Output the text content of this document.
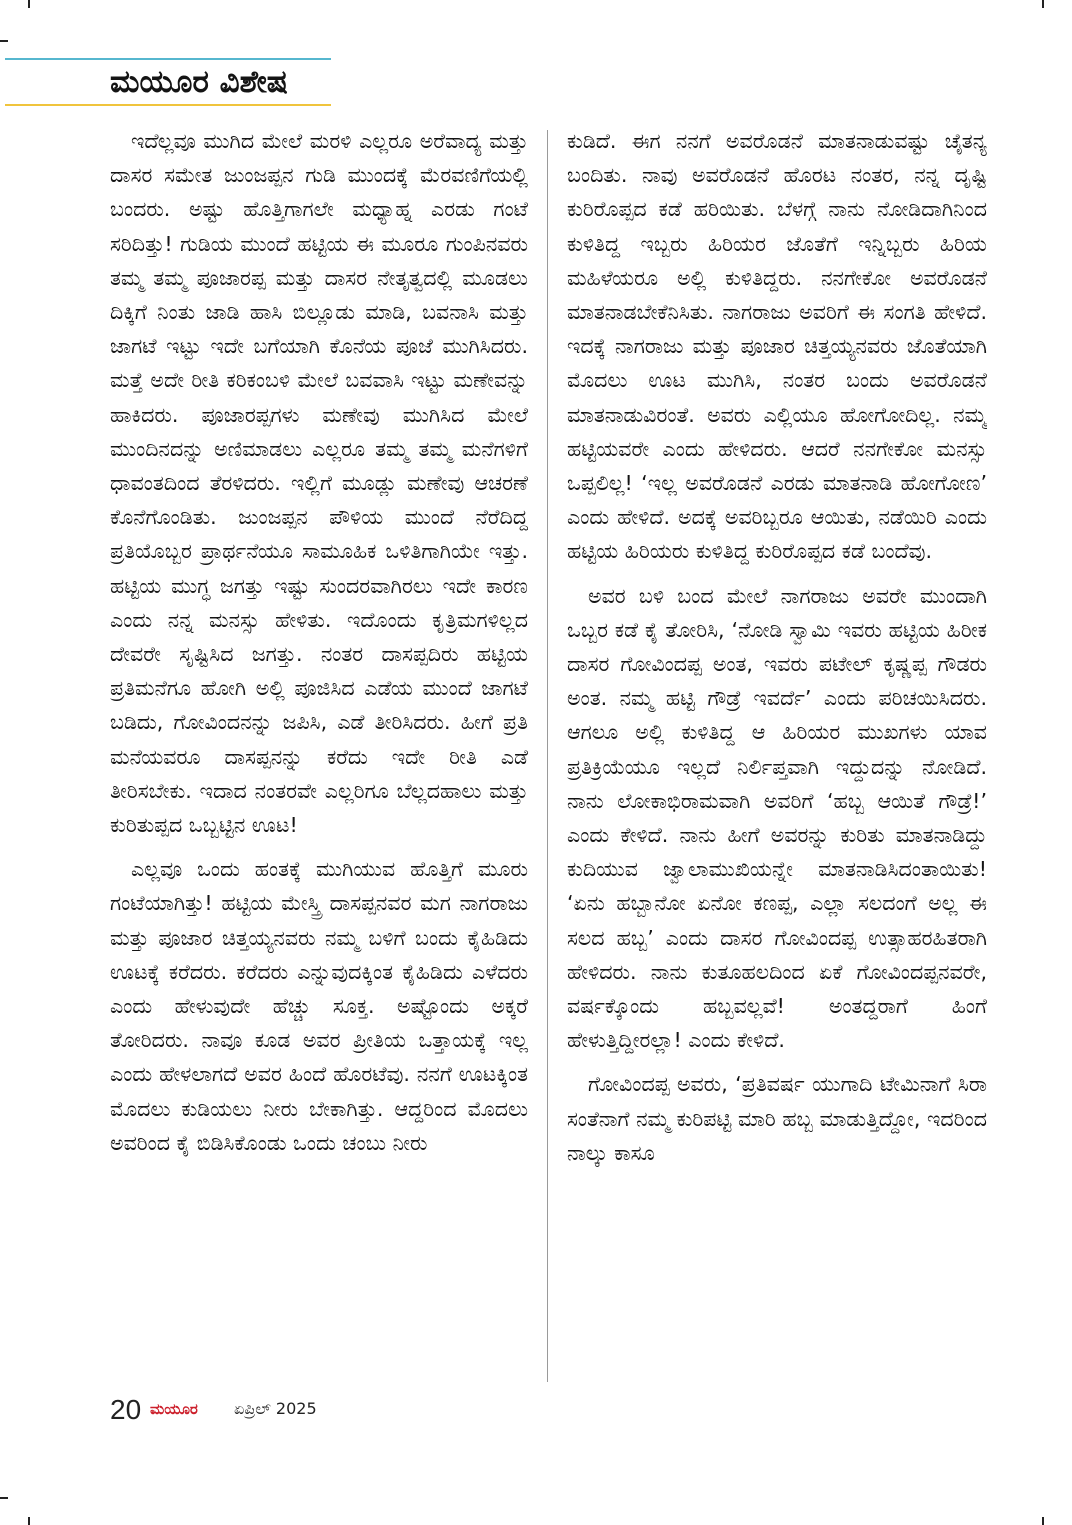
ಮಯೂರ ವಿಶೇಷ

ಇದೆಲ್ಲವೂ ಮುಗಿದ ಮೇಲೆ ಮರಳಿ ಎಲ್ಲರೂ ಅರೆವಾದ್ಯ ಮತ್ತು ದಾಸರ ಸಮೇತ ಜುಂಜಪ್ಪನ ಗುಡಿ ಮುಂದಕ್ಕೆ ಮೆರವಣಿಗೆಯಲ್ಲಿ ಬಂದರು. ಅಷ್ಟು ಹೊತ್ತಿಗಾಗಲೇ ಮಧ್ಯಾಹ್ನ ಎರಡು ಗಂಟೆ ಸರಿದಿತ್ತು! ಗುಡಿಯ ಮುಂದೆ ಹಟ್ಟಿಯ ಈ ಮೂರೂ ಗುಂಪಿನವರು ತಮ್ಮ ತಮ್ಮ ಪೂಜಾರಪ್ಪ ಮತ್ತು ದಾಸರ ನೇತೃತ್ವದಲ್ಲಿ ಮೂಡಲು ದಿಕ್ಕಿಗೆ ನಿಂತು ಜಾಡಿ ಹಾಸಿ ಬಿಲ್ಲೂಡು ಮಾಡಿ, ಬವನಾಸಿ ಮತ್ತು ಜಾಗಟೆ ಇಟ್ಟು ಇದೇ ಬಗೆಯಾಗಿ ಕೊನೆಯ ಪೂಜೆ ಮುಗಿಸಿದರು. ಮತ್ತೆ ಅದೇ ರೀತಿ ಕರಿಕಂಬಳಿ ಮೇಲೆ ಬವವಾಸಿ ಇಟ್ಟು ಮಣೇವನ್ನು ಹಾಕಿದರು. ಪೂಜಾರಪ್ಪಗಳು ಮಣೇವು ಮುಗಿಸಿದ ಮೇಲೆ ಮುಂದಿನದನ್ನು ಅಣಿಮಾಡಲು ಎಲ್ಲರೂ ತಮ್ಮ ತಮ್ಮ ಮನೆಗಳಿಗೆ ಧಾವಂತದಿಂದ ತೆರಳಿದರು. ಇಲ್ಲಿಗೆ ಮೂಡ್ಲು ಮಣೇವು ಆಚರಣೆ ಕೊನೆಗೊಂಡಿತು. ಜುಂಜಪ್ಪನ ಪೌಳಿಯ ಮುಂದೆ ನೆರೆದಿದ್ದ ಪ್ರತಿಯೊಬ್ಬರ ಪ್ರಾರ್ಥನೆಯೂ ಸಾಮೂಹಿಕ ಒಳಿತಿಗಾಗಿಯೇ ಇತ್ತು. ಹಟ್ಟಿಯ ಮುಗ್ಧ ಜಗತ್ತು ಇಷ್ಟು ಸುಂದರವಾಗಿರಲು ಇದೇ ಕಾರಣ ಎಂದು ನನ್ನ ಮನಸ್ಸು ಹೇಳಿತು. ಇದೊಂದು ಕೃತ್ರಿಮಗಳಿಲ್ಲದ ದೇವರೇ ಸೃಷ್ಟಿಸಿದ ಜಗತ್ತು. ನಂತರ ದಾಸಪ್ಪದಿರು ಹಟ್ಟಿಯ ಪ್ರತಿಮನೆಗೂ ಹೋಗಿ ಅಲ್ಲಿ ಪೂಜಿಸಿದ ಎಡೆಯ ಮುಂದೆ ಜಾಗಟೆ ಬಡಿದು, ಗೋವಿಂದನನ್ನು ಜಪಿಸಿ, ಎಡೆ ತೀರಿಸಿದರು. ಹೀಗೆ ಪ್ರತಿ ಮನೆಯವರೂ ದಾಸಪ್ಪನನ್ನು ಕರೆದು ಇದೇ ರೀತಿ ಎಡೆ ತೀರಿಸಬೇಕು. ಇದಾದ ನಂತರವೇ ಎಲ್ಲರಿಗೂ ಬೆಲ್ಲದಹಾಲು ಮತ್ತು ಕುರಿತುಪ್ಪದ ಒಬ್ಬಟ್ಟಿನ ಊಟ!

ಎಲ್ಲವೂ ಒಂದು ಹಂತಕ್ಕೆ ಮುಗಿಯುವ ಹೊತ್ತಿಗೆ ಮೂರು ಗಂಟೆಯಾಗಿತ್ತು! ಹಟ್ಟಿಯ ಮೇಸ್ತ್ರಿ ದಾಸಪ್ಪನವರ ಮಗ ನಾಗರಾಜು ಮತ್ತು ಪೂಜಾರ ಚಿತ್ತಯ್ಯನವರು ನಮ್ಮ ಬಳಿಗೆ ಬಂದು ಕೈಹಿಡಿದು ಊಟಕ್ಕೆ ಕರೆದರು. ಕರೆದರು ಎನ್ನುವುದಕ್ಕಿಂತ ಕೈಹಿಡಿದು ಎಳೆದರು ಎಂದು ಹೇಳುವುದೇ ಹೆಚ್ಚು ಸೂಕ್ತ. ಅಷ್ಟೊಂದು ಅಕ್ಕರೆ ತೋರಿದರು. ನಾವೂ ಕೂಡ ಅವರ ಪ್ರೀತಿಯ ಒತ್ತಾಯಕ್ಕೆ ಇಲ್ಲ ಎಂದು ಹೇಳಲಾಗದೆ ಅವರ ಹಿಂದೆ ಹೊರಟೆವು. ನನಗೆ ಊಟಕ್ಕಿಂತ ಮೊದಲು ಕುಡಿಯಲು ನೀರು ಬೇಕಾಗಿತ್ತು. ಆದ್ದರಿಂದ ಮೊದಲು ಅವರಿಂದ ಕೈ ಬಿಡಿಸಿಕೊಂಡು ಒಂದು ಚಂಬು ನೀರು

ಕುಡಿದೆ. ಈಗ ನನಗೆ ಅವರೊಡನೆ ಮಾತನಾಡುವಷ್ಟು ಚೈತನ್ಯ ಬಂದಿತು. ನಾವು ಅವರೊಡನೆ ಹೊರಟ ನಂತರ, ನನ್ನ ದೃಷ್ಟಿ ಕುರಿರೊಪ್ಪದ ಕಡೆ ಹರಿಯಿತು. ಬೆಳಗ್ಗೆ ನಾನು ನೋಡಿದಾಗಿನಿಂದ ಕುಳಿತಿದ್ದ ಇಬ್ಬರು ಹಿರಿಯರ ಜೊತೆಗೆ ಇನ್ನಿಬ್ಬರು ಹಿರಿಯ ಮಹಿಳೆಯರೂ ಅಲ್ಲಿ ಕುಳಿತಿದ್ದರು. ನನಗೇಕೋ ಅವರೊಡನೆ ಮಾತನಾಡಬೇಕೆನಿಸಿತು. ನಾಗರಾಜು ಅವರಿಗೆ ಈ ಸಂಗತಿ ಹೇಳಿದೆ. ಇದಕ್ಕೆ ನಾಗರಾಜು ಮತ್ತು ಪೂಜಾರ ಚಿತ್ತಯ್ಯನವರು ಜೊತೆಯಾಗಿ ಮೊದಲು ಊಟ ಮುಗಿಸಿ, ನಂತರ ಬಂದು ಅವರೊಡನೆ ಮಾತನಾಡುವಿರಂತೆ. ಅವರು ಎಲ್ಲಿಯೂ ಹೋಗೋದಿಲ್ಲ. ನಮ್ಮ ಹಟ್ಟಿಯವರೇ ಎಂದು ಹೇಳಿದರು. ಆದರೆ ನನಗೇಕೋ ಮನಸ್ಸು ಒಪ್ಪಲಿಲ್ಲ! ‘ಇಲ್ಲ ಅವರೊಡನೆ ಎರಡು ಮಾತನಾಡಿ ಹೋಗೋಣ’ ಎಂದು ಹೇಳಿದೆ. ಅದಕ್ಕೆ ಅವರಿಬ್ಬರೂ ಆಯಿತು, ನಡೆಯಿರಿ ಎಂದು ಹಟ್ಟಿಯ ಹಿರಿಯರು ಕುಳಿತಿದ್ದ ಕುರಿರೊಪ್ಪದ ಕಡೆ ಬಂದೆವು.

ಅವರ ಬಳಿ ಬಂದ ಮೇಲೆ ನಾಗರಾಜು ಅವರೇ ಮುಂದಾಗಿ ಒಬ್ಬರ ಕಡೆ ಕೈ ತೋರಿಸಿ, ‘ನೋಡಿ ಸ್ವಾಮಿ ಇವರು ಹಟ್ಟಿಯ ಹಿರೀಕ ದಾಸರ ಗೋವಿಂದಪ್ಪ ಅಂತ, ಇವರು ಪಟೇಲ್ ಕೃಷ್ಣಪ್ಪ ಗೌಡರು ಅಂತ. ನಮ್ಮ ಹಟ್ಟಿ ಗೌಡ್ರೆ ಇವರ್ದೆ’ ಎಂದು ಪರಿಚಯಿಸಿದರು. ಆಗಲೂ ಅಲ್ಲಿ ಕುಳಿತಿದ್ದ ಆ ಹಿರಿಯರ ಮುಖಗಳು ಯಾವ ಪ್ರತಿಕ್ರಿಯೆಯೂ ಇಲ್ಲದೆ ನಿರ್ಲಿಪ್ತವಾಗಿ ಇದ್ದುದನ್ನು ನೋಡಿದೆ. ನಾನು ಲೋಕಾಭಿರಾಮವಾಗಿ ಅವರಿಗೆ ‘ಹಬ್ಬ ಆಯಿತೆ ಗೌಡ್ರೆ!’ ಎಂದು ಕೇಳಿದೆ. ನಾನು ಹೀಗೆ ಅವರನ್ನು ಕುರಿತು ಮಾತನಾಡಿದ್ದು ಕುದಿಯುವ ಜ್ವಾಲಾಮುಖಿಯನ್ನೇ ಮಾತನಾಡಿಸಿದಂತಾಯಿತು! ‘ಏನು ಹಬ್ಬಾನೋ ಏನೋ ಕಣಪ್ಪ, ಎಲ್ಲಾ ಸಲದಂಗೆ ಅಲ್ಲ ಈ ಸಲದ ಹಬ್ಬ’ ಎಂದು ದಾಸರ ಗೋವಿಂದಪ್ಪ ಉತ್ಸಾಹರಹಿತರಾಗಿ ಹೇಳಿದರು. ನಾನು ಕುತೂಹಲದಿಂದ ಏಕೆ ಗೋವಿಂದಪ್ಪನವರೇ, ವರ್ಷಕ್ಕೊಂದು ಹಬ್ಬವಲ್ಲವೆ! ಅಂತದ್ದರಾಗೆ ಹಿಂಗೆ ಹೇಳುತ್ತಿದ್ದೀರಲ್ಲಾ! ಎಂದು ಕೇಳಿದೆ.

ಗೋವಿಂದಪ್ಪ ಅವರು, ‘ಪ್ರತಿವರ್ಷ ಯುಗಾದಿ ಟೇಮಿನಾಗೆ ಸಿರಾ ಸಂತೆನಾಗೆ ನಮ್ಮ ಕುರಿಪಟ್ಟಿ ಮಾರಿ ಹಬ್ಬ ಮಾಡುತ್ತಿದ್ದೋ, ಇದರಿಂದ ನಾಲ್ಕು ಕಾಸೂ

20 ಮಯೂರ ಏಪ್ರಿಲ್ 2025
